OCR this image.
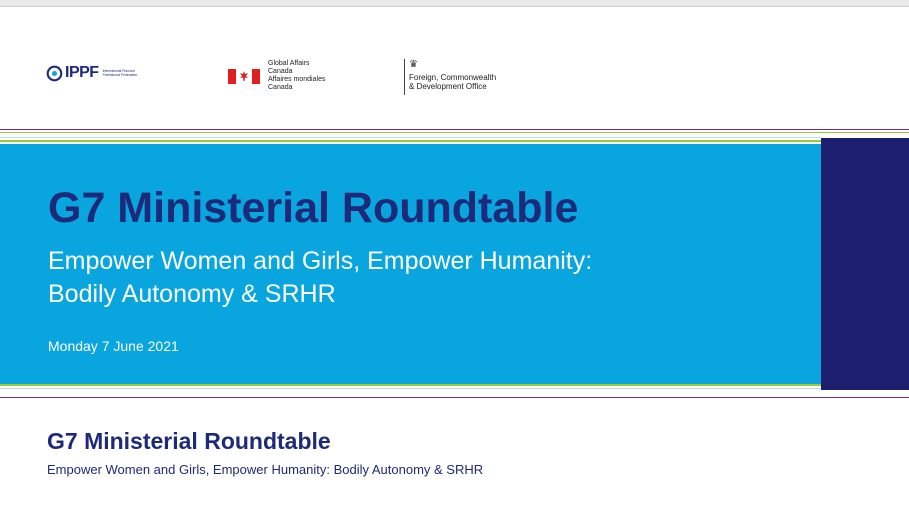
IPPF International Planned Parenthood Federation
Global Affairs
Canada
Affaires mondiales
Canada
♛
Foreign, Commonwealth
& Development Office
G7 Ministerial Roundtable
Empower Women and Girls, Empower Humanity:
Bodily Autonomy & SRHR
Monday 7 June 2021
G7 Ministerial Roundtable
Empower Women and Girls, Empower Humanity: Bodily Autonomy & SRHR
